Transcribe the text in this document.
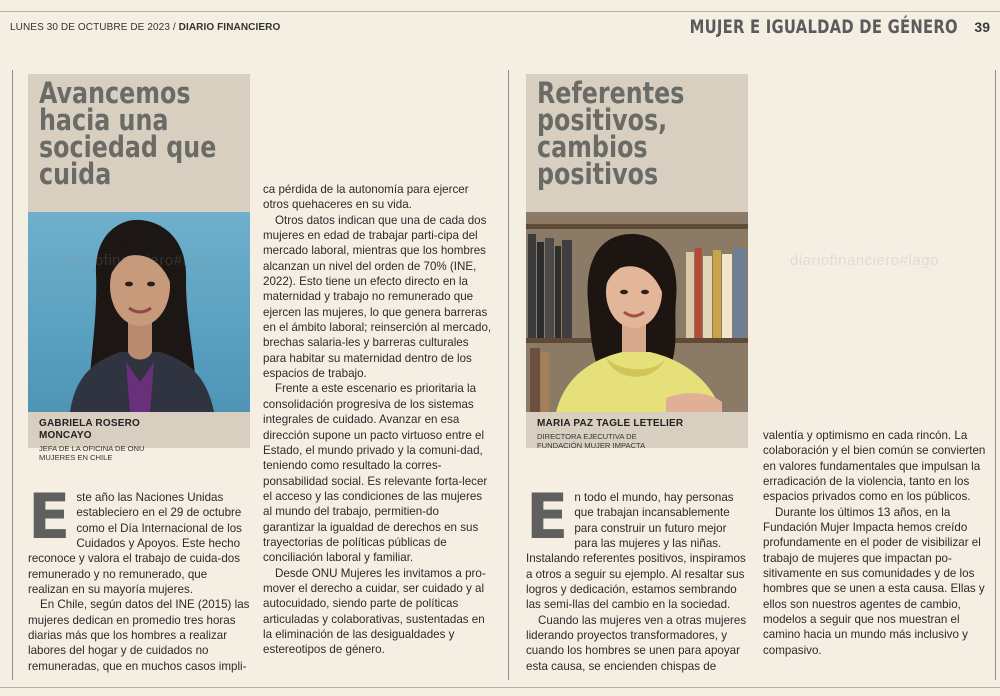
LUNES 30 DE OCTUBRE DE 2023 / DIARIO FINANCIERO	MUJER E IGUALDAD DE GÉNERO 39
Avancemos hacia una sociedad que cuida
GABRIELA ROSERO
MONCAYO
JEFA DE LA OFICINA DE ONU
MUJERES EN CHILE

Este año las Naciones Unidas estableciero en el 29 de octubre como el Día Internacional de los Cuidados y Apoyos. Este hecho reconoce y valora el trabajo de cuida-dos remunerado y no remunerado, que realizan en su mayoría mujeres.

En Chile, según datos del INE (2015) las mujeres dedican en promedio tres horas diarias más que los hombres a realizar labores del hogar y de cuidados no remuneradas, que en muchos casos impli-

ca pérdida de la autonomía para ejercer otros quehaceres en su vida.

Otros datos indican que una de cada dos mujeres en edad de trabajar parti-cipa del mercado laboral, mientras que los hombres alcanzan un nivel del orden de 70% (INE, 2022). Esto tiene un efecto directo en la maternidad y trabajo no remunerado que ejercen las mujeres, lo que genera barreras en el ámbito laboral; reinserción al mercado, brechas salaria-les y barreras culturales para habitar su maternidad dentro de los espacios de trabajo.

Frente a este escenario es prioritaria la consolidación progresiva de los sistemas integrales de cuidado. Avanzar en esa dirección supone un pacto virtuoso entre el Estado, el mundo privado y la comuni-dad, teniendo como resultado la corres-ponsabilidad social. Es relevante forta-lecer el acceso y las condiciones de las mujeres al mundo del trabajo, permitien-do garantizar la igualdad de derechos en sus trayectorias de políticas públicas de conciliación laboral y familiar.

Desde ONU Mujeres les invitamos a pro-mover el derecho a cuidar, ser cuidado y al autocuidado, siendo parte de políticas articuladas y colaborativas, sustentadas en la eliminación de las desigualdades y estereotipos de género.

Referentes positivos, cambios positivos
MARIA PAZ TAGLE LETELIER
DIRECTORA EJECUTIVA DE
FUNDACIÓN MUJER IMPACTA

En todo el mundo, hay personas que trabajan incansablemente para construir un futuro mejor para las mujeres y las niñas. Instalando referentes positivos, inspiramos a otros a seguir su ejemplo. Al resaltar sus logros y dedicación, estamos sembrando las semi-llas del cambio en la sociedad.

Cuando las mujeres ven a otras mujeres liderando proyectos transformadores, y cuando los hombres se unen para apoyar esta causa, se encienden chispas de

valentía y optimismo en cada rincón. La colaboración y el bien común se convierten en valores fundamentales que impulsan la erradicación de la violencia, tanto en los espacios privados como en los públicos.

Durante los últimos 13 años, en la Fundación Mujer Impacta hemos creído profundamente en el poder de visibilizar el trabajo de mujeres que impactan po-sitivamente en sus comunidades y de los hombres que se unen a esta causa. Ellas y ellos son nuestros agentes de cambio, modelos a seguir que nos muestran el camino hacia un mundo más inclusivo y compasivo.

diariofinanciero#lago	diariofinanciero#lago
